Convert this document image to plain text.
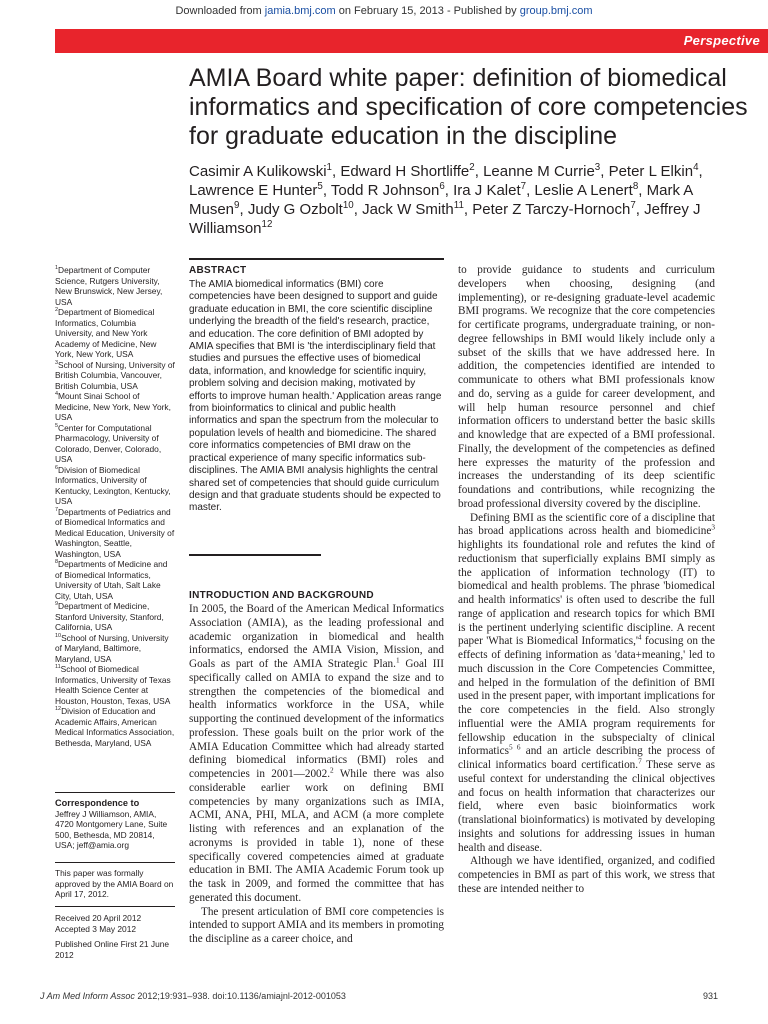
Downloaded from jamia.bmj.com on February 15, 2013 - Published by group.bmj.com
Perspective
AMIA Board white paper: definition of biomedical informatics and specification of core competencies for graduate education in the discipline
Casimir A Kulikowski$^1$, Edward H Shortliffe$^2$, Leanne M Currie$^3$, Peter L Elkin$^4$, Lawrence E Hunter$^5$, Todd R Johnson$^6$, Ira J Kalet$^7$, Leslie A Lenert$^8$, Mark A Musen$^9$, Judy G Ozbolt$^{10}$, Jack W Smith$^{11}$, Peter Z Tarczy-Hornoch$^7$, Jeffrey J Williamson$^{12}$

$^1$Department of Computer Science, Rutgers University, New Brunswick, New Jersey, USA

$^2$Department of Biomedical Informatics, Columbia University, and New York Academy of Medicine, New York, New York, USA

$^3$School of Nursing, University of British Columbia, Vancouver, British Columbia, USA

$^4$Mount Sinai School of Medicine, New York, New York, USA

$^5$Center for Computational Pharmacology, University of Colorado, Denver, Colorado, USA

$^6$Division of Biomedical Informatics, University of Kentucky, Lexington, Kentucky, USA

$^7$Departments of Pediatrics and of Biomedical Informatics and Medical Education, University of Washington, Seattle, Washington, USA

$^8$Departments of Medicine and of Biomedical Informatics, University of Utah, Salt Lake City, Utah, USA

$^9$Department of Medicine, Stanford University, Stanford, California, USA

$^{10}$School of Nursing, University of Maryland, Baltimore, Maryland, USA

$^{11}$School of Biomedical Informatics, University of Texas Health Science Center at Houston, Houston, Texas, USA

$^{12}$Division of Education and Academic Affairs, American Medical Informatics Association, Bethesda, Maryland, USA

Correspondence to

Jeffrey J Williamson, AMIA, 4720 Montgomery Lane, Suite 500, Bethesda, MD 20814, USA; jeff@amia.org

This paper was formally approved by the AMIA Board on April 17, 2012.

Received 20 April 2012

Accepted 3 May 2012

Published Online First 21 June 2012

ABSTRACT
The AMIA biomedical informatics (BMI) core competencies have been designed to support and guide graduate education in BMI, the core scientific discipline underlying the breadth of the field's research, practice, and education. The core definition of BMI adopted by AMIA specifies that BMI is 'the interdisciplinary field that studies and pursues the effective uses of biomedical data, information, and knowledge for scientific inquiry, problem solving and decision making, motivated by efforts to improve human health.' Application areas range from bioinformatics to clinical and public health informatics and span the spectrum from the molecular to population levels of health and biomedicine. The shared core informatics competencies of BMI draw on the practical experience of many specific informatics sub-disciplines. The AMIA BMI analysis highlights the central shared set of competencies that should guide curriculum design and that graduate students should be expected to master.
INTRODUCTION AND BACKGROUND

In 2005, the Board of the American Medical Informatics Association (AMIA), as the leading professional and academic organization in biomedical and health informatics, endorsed the AMIA Vision, Mission, and Goals as part of the AMIA Strategic Plan.$^1$ Goal III specifically called on AMIA to expand the size and to strengthen the competencies of the biomedical and health informatics workforce in the USA, while supporting the continued development of the informatics profession. These goals built on the prior work of the AMIA Education Committee which had already started defining biomedical informatics (BMI) roles and competencies in 2001—2002.$^2$ While there was also considerable earlier work on defining BMI competencies by many organizations such as IMIA, ACMI, ANA, PHI, MLA, and ACM (a more complete listing with references and an explanation of the acronyms is provided in table 1), none of these specifically covered competencies aimed at graduate education in BMI. The AMIA Academic Forum took up the task in 2009, and formed the committee that has generated this document.

The present articulation of BMI core competencies is intended to support AMIA and its members in promoting the discipline as a career choice, and

to provide guidance to students and curriculum developers when choosing, designing (and implementing), or re-designing graduate-level academic BMI programs. We recognize that the core competencies for certificate programs, undergraduate training, or non-degree fellowships in BMI would likely include only a subset of the skills that we have addressed here. In addition, the competencies identified are intended to communicate to others what BMI professionals know and do, serving as a guide for career development, and will help human resource personnel and chief information officers to understand better the basic skills and knowledge that are expected of a BMI professional. Finally, the development of the competencies as defined here expresses the maturity of the profession and increases the understanding of its deep scientific foundations and contributions, while recognizing the broad professional diversity covered by the discipline.

Defining BMI as the scientific core of a discipline that has broad applications across health and biomedicine$^3$ highlights its foundational role and refutes the kind of reductionism that superficially explains BMI simply as the application of information technology (IT) to biomedical and health problems. The phrase 'biomedical and health informatics' is often used to describe the full range of application and research topics for which BMI is the pertinent underlying scientific discipline. A recent paper 'What is Biomedical $Informatics,'^4$ focusing on the effects of defining information as 'data+meaning,' led to much discussion in the Core Competencies Committee, and helped in the formulation of the definition of BMI used in the present paper, with important implications for the core competencies in the field. Also strongly influential were the AMIA program requirements for fellowship education in the subspecialty of clinical informatics$^{5 6}$ and an article describing the process of clinical informatics board certification.$^7$ These serve as useful context for understanding the clinical objectives and focus on health information that characterizes our field, where even basic bioinformatics work (translational bioinformatics) is motivated by developing insights and solutions for addressing issues in human health and disease.

Although we have identified, organized, and codified competencies in BMI as part of this work, we stress that these are intended neither to

J Am Med Inform Assoc 2012;19:931–938. doi:10.1136/amiajnl-2012-001053	931
